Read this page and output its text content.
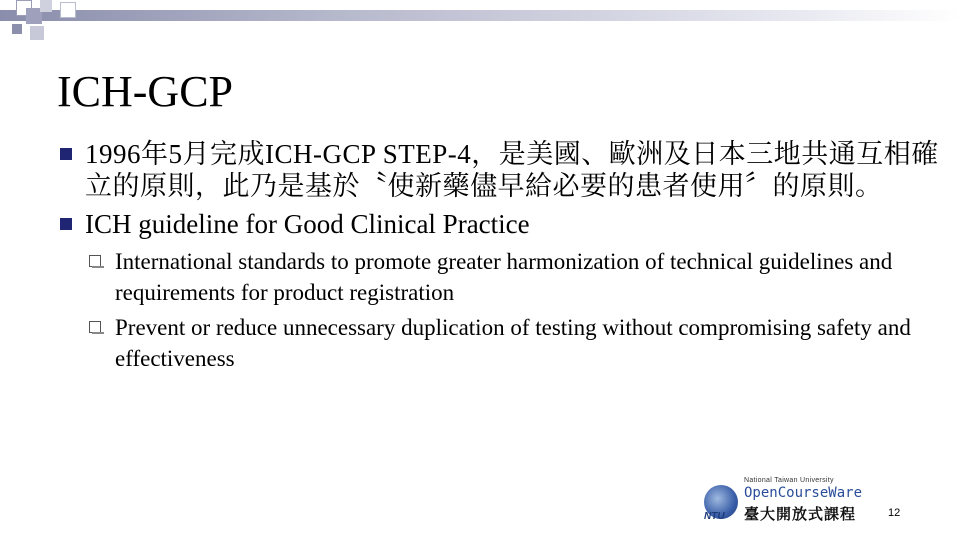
ICH-GCP
1996年5月完成ICH-GCP STEP-4，是美國、歐洲及日本三地共通互相確立的原則，此乃是基於〝使新藥儘早給必要的患者使用〞的原則。
ICH guideline for Good Clinical Practice
International standards to promote greater harmonization of technical guidelines and requirements for product registration
Prevent or reduce unnecessary duplication of testing without compromising safety and effectiveness
NTU
National Taiwan University
OpenCourseWare
臺大開放式課程	12
